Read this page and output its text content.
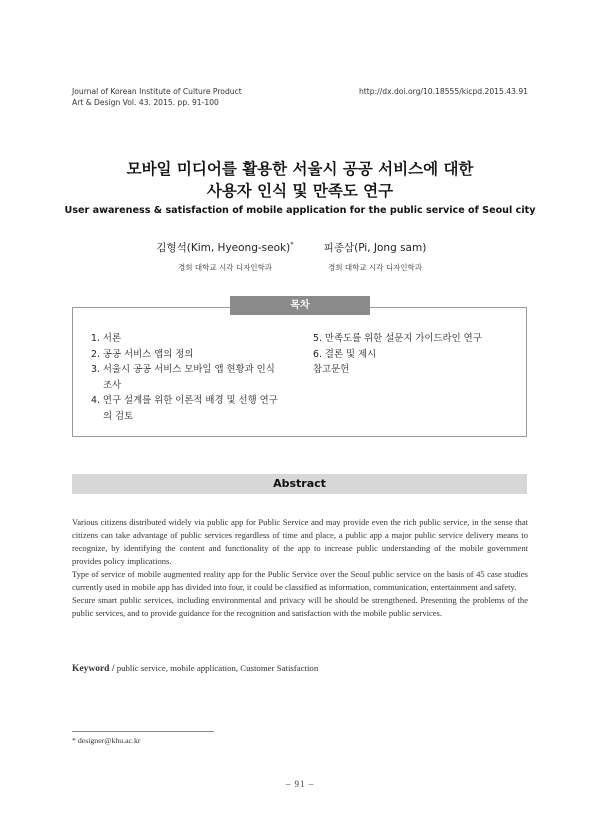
Journal of Korean Institute of Culture Product
Art & Design Vol. 43. 2015. pp. 91-100
http://dx.doi.org/10.18555/kicpd.2015.43.91
모바일 미디어를 활용한 서울시 공공 서비스에 대한
사용자 인식 및 만족도 연구
User awareness & satisfaction of mobile application for the public service of Seoul city
김형석(Kim, Hyeong-seok)*
경희 대학교 시각 디자인학과
피종삼(Pi, Jong sam)
경희 대학교 시각 디자인학과
목차
1. 서론
2. 공공 서비스 앱의 정의
3. 서울시 공공 서비스 모바일 앱 현황과 인식
조사
4. 연구 설계를 위한 이론적 배경 및 선행 연구
의 검토
5. 만족도를 위한 설문지 가이드라인 연구
6. 결론 및 제시
참고문헌
Abstract

Various citizens distributed widely via public app for Public Service and may provide even the rich public service, in the sense that citizens can take advantage of public services regardless of time and place, a public app a major public service delivery means to recognize, by identifying the content and functionality of the app to increase public understanding of the mobile government provides policy implications.

Type of service of mobile augmented reality app for the Public Service over the Seoul public service on the basis of 45 case studies currently used in mobile app has divided into four, it could be classified as information, communication, entertainment and safety.

Secure smart public services, including environmental and privacy will be should be strengthened. Presenting the problems of the public services, and to provide guidance for the recognition and satisfaction with the mobile public services.

Keyword / public service, mobile application, Customer Satisfaction
* designer@khu.ac.kr
– 91 –
